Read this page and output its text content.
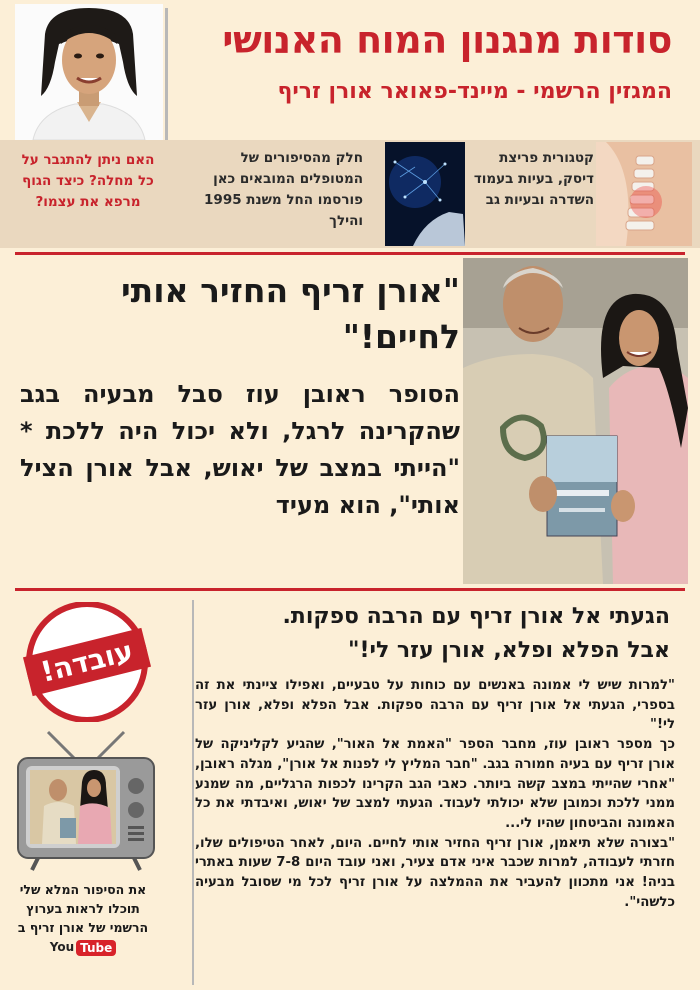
סודות מנגנון המוח האנושי
המגזין הרשמי - מיינד-פאואר אורן זריף
קטגורית פריצת דיסק, בעיות בעמוד השדרה ובעיות גב
חלק מהסיפורים של המטופלים המובאים כאן פורסמו החל משנת 1995 והילך
האם ניתן להתגבר על כל מחלה? כיצד הגוף מרפא את עצמו?
"אורן זריף החזיר אותי לחיים!"
הסופר ראובן עוז סבל מבעיה בגב שהקרינה לרגל, ולא יכול היה ללכת * "הייתי במצב של יאוש, אבל אורן הציל אותי", הוא מעיד
הגעתי אל אורן זריף עם הרבה ספקות.
אבל הפלא ופלא, אורן עזר לי!"

"למרות שיש לי אמונה באנשים עם כוחות על טבעיים, ואפילו ציינתי את זה בספרי, הגעתי אל אורן זריף עם הרבה ספקות. אבל הפלא ופלא, אורן עזר לי!"

כך מספר ראובן עוז, מחבר הספר "האמת אל האור", שהגיע לקליניקה של אורן זריף עם בעיה חמורה בגב. "חבר המליץ לי לפנות אל אורן", מגלה ראובן, "אחרי שהייתי במצב קשה ביותר. כאבי הגב הקרינו לכפות הרגליים, מה שמנע ממני ללכת וכמובן שלא יכולתי לעבוד. הגעתי למצב של יאוש, ואיבדתי את כל האמונה והביטחון שהיו לי...

"בצורה שלא תיאמן, אורן זריף החזיר אותי לחיים. היום, לאחר הטיפולים שלו, חזרתי לעבודה, למרות שכבר איני אדם צעיר, ואני עובד היום 7-8 שעות באתרי בניה! אני מתכוון להעביר את ההמלצה על אורן זריף לכל מי שסובל מבעיה כלשהי".

עובדה!
את הסיפור המלא שלי תוכלו לראות בערוץ הרשמי של אורן זריף ב
You Tube
